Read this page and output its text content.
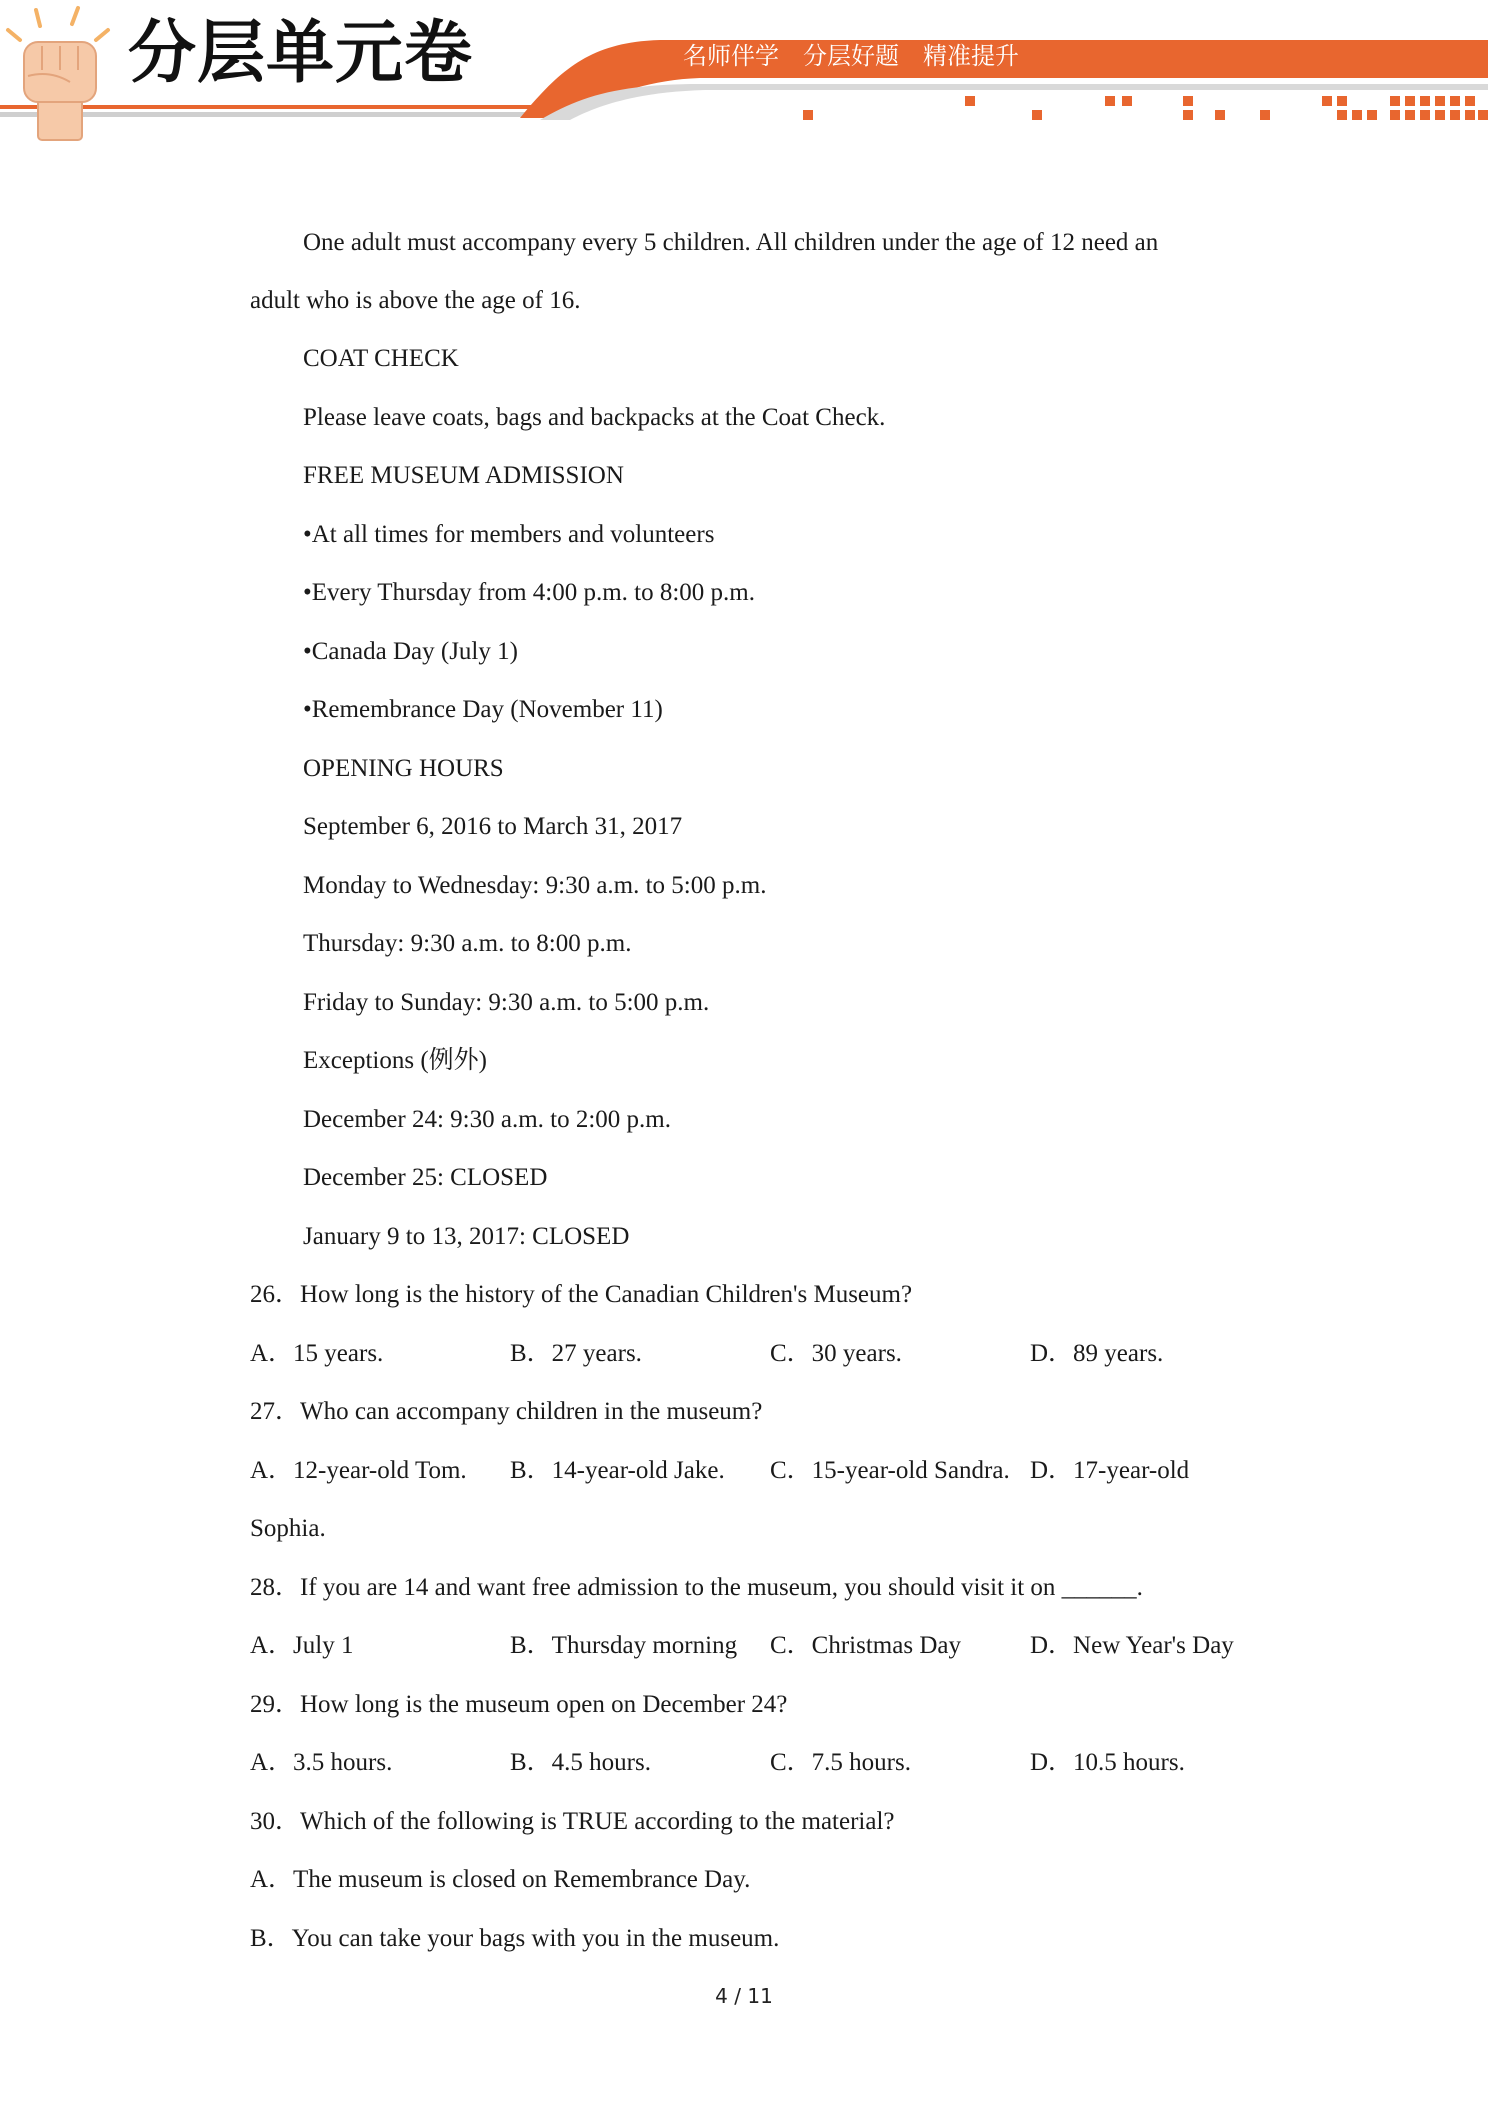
分层单元卷	名师伴学　分层好题　精准提升
One adult must accompany every 5 children. All children under the age of 12 need an
adult who is above the age of 16.
COAT CHECK
Please leave coats, bags and backpacks at the Coat Check.
FREE MUSEUM ADMISSION
•At all times for members and volunteers
•Every Thursday from 4:00 p.m. to 8:00 p.m.
•Canada Day (July 1)
•Remembrance Day (November 11)
OPENING HOURS
September 6, 2016 to March 31, 2017
Monday to Wednesday: 9:30 a.m. to 5:00 p.m.
Thursday: 9:30 a.m. to 8:00 p.m.
Friday to Sunday: 9:30 a.m. to 5:00 p.m.
Exceptions (例外)
December 24: 9:30 a.m. to 2:00 p.m.
December 25: CLOSED
January 9 to 13, 2017: CLOSED
26．How long is the history of the Canadian Children's Museum?
A．15 years.	B．27 years.	C．30 years.	D．89 years.
27．Who can accompany children in the museum?
A．12-year-old Tom. B．14-year-old Jake. C．15-year-old Sandra. D．17-year-old
Sophia.
28．If you are 14 and want free admission to the museum, you should visit it on ______.
A．July 1	B．Thursday morning C．Christmas Day	D．New Year's Day
29．How long is the museum open on December 24?
A．3.5 hours.	B．4.5 hours.	C．7.5 hours.	D．10.5 hours.
30．Which of the following is TRUE according to the material?
A．The museum is closed on Remembrance Day.
B．You can take your bags with you in the museum.
4 / 11
